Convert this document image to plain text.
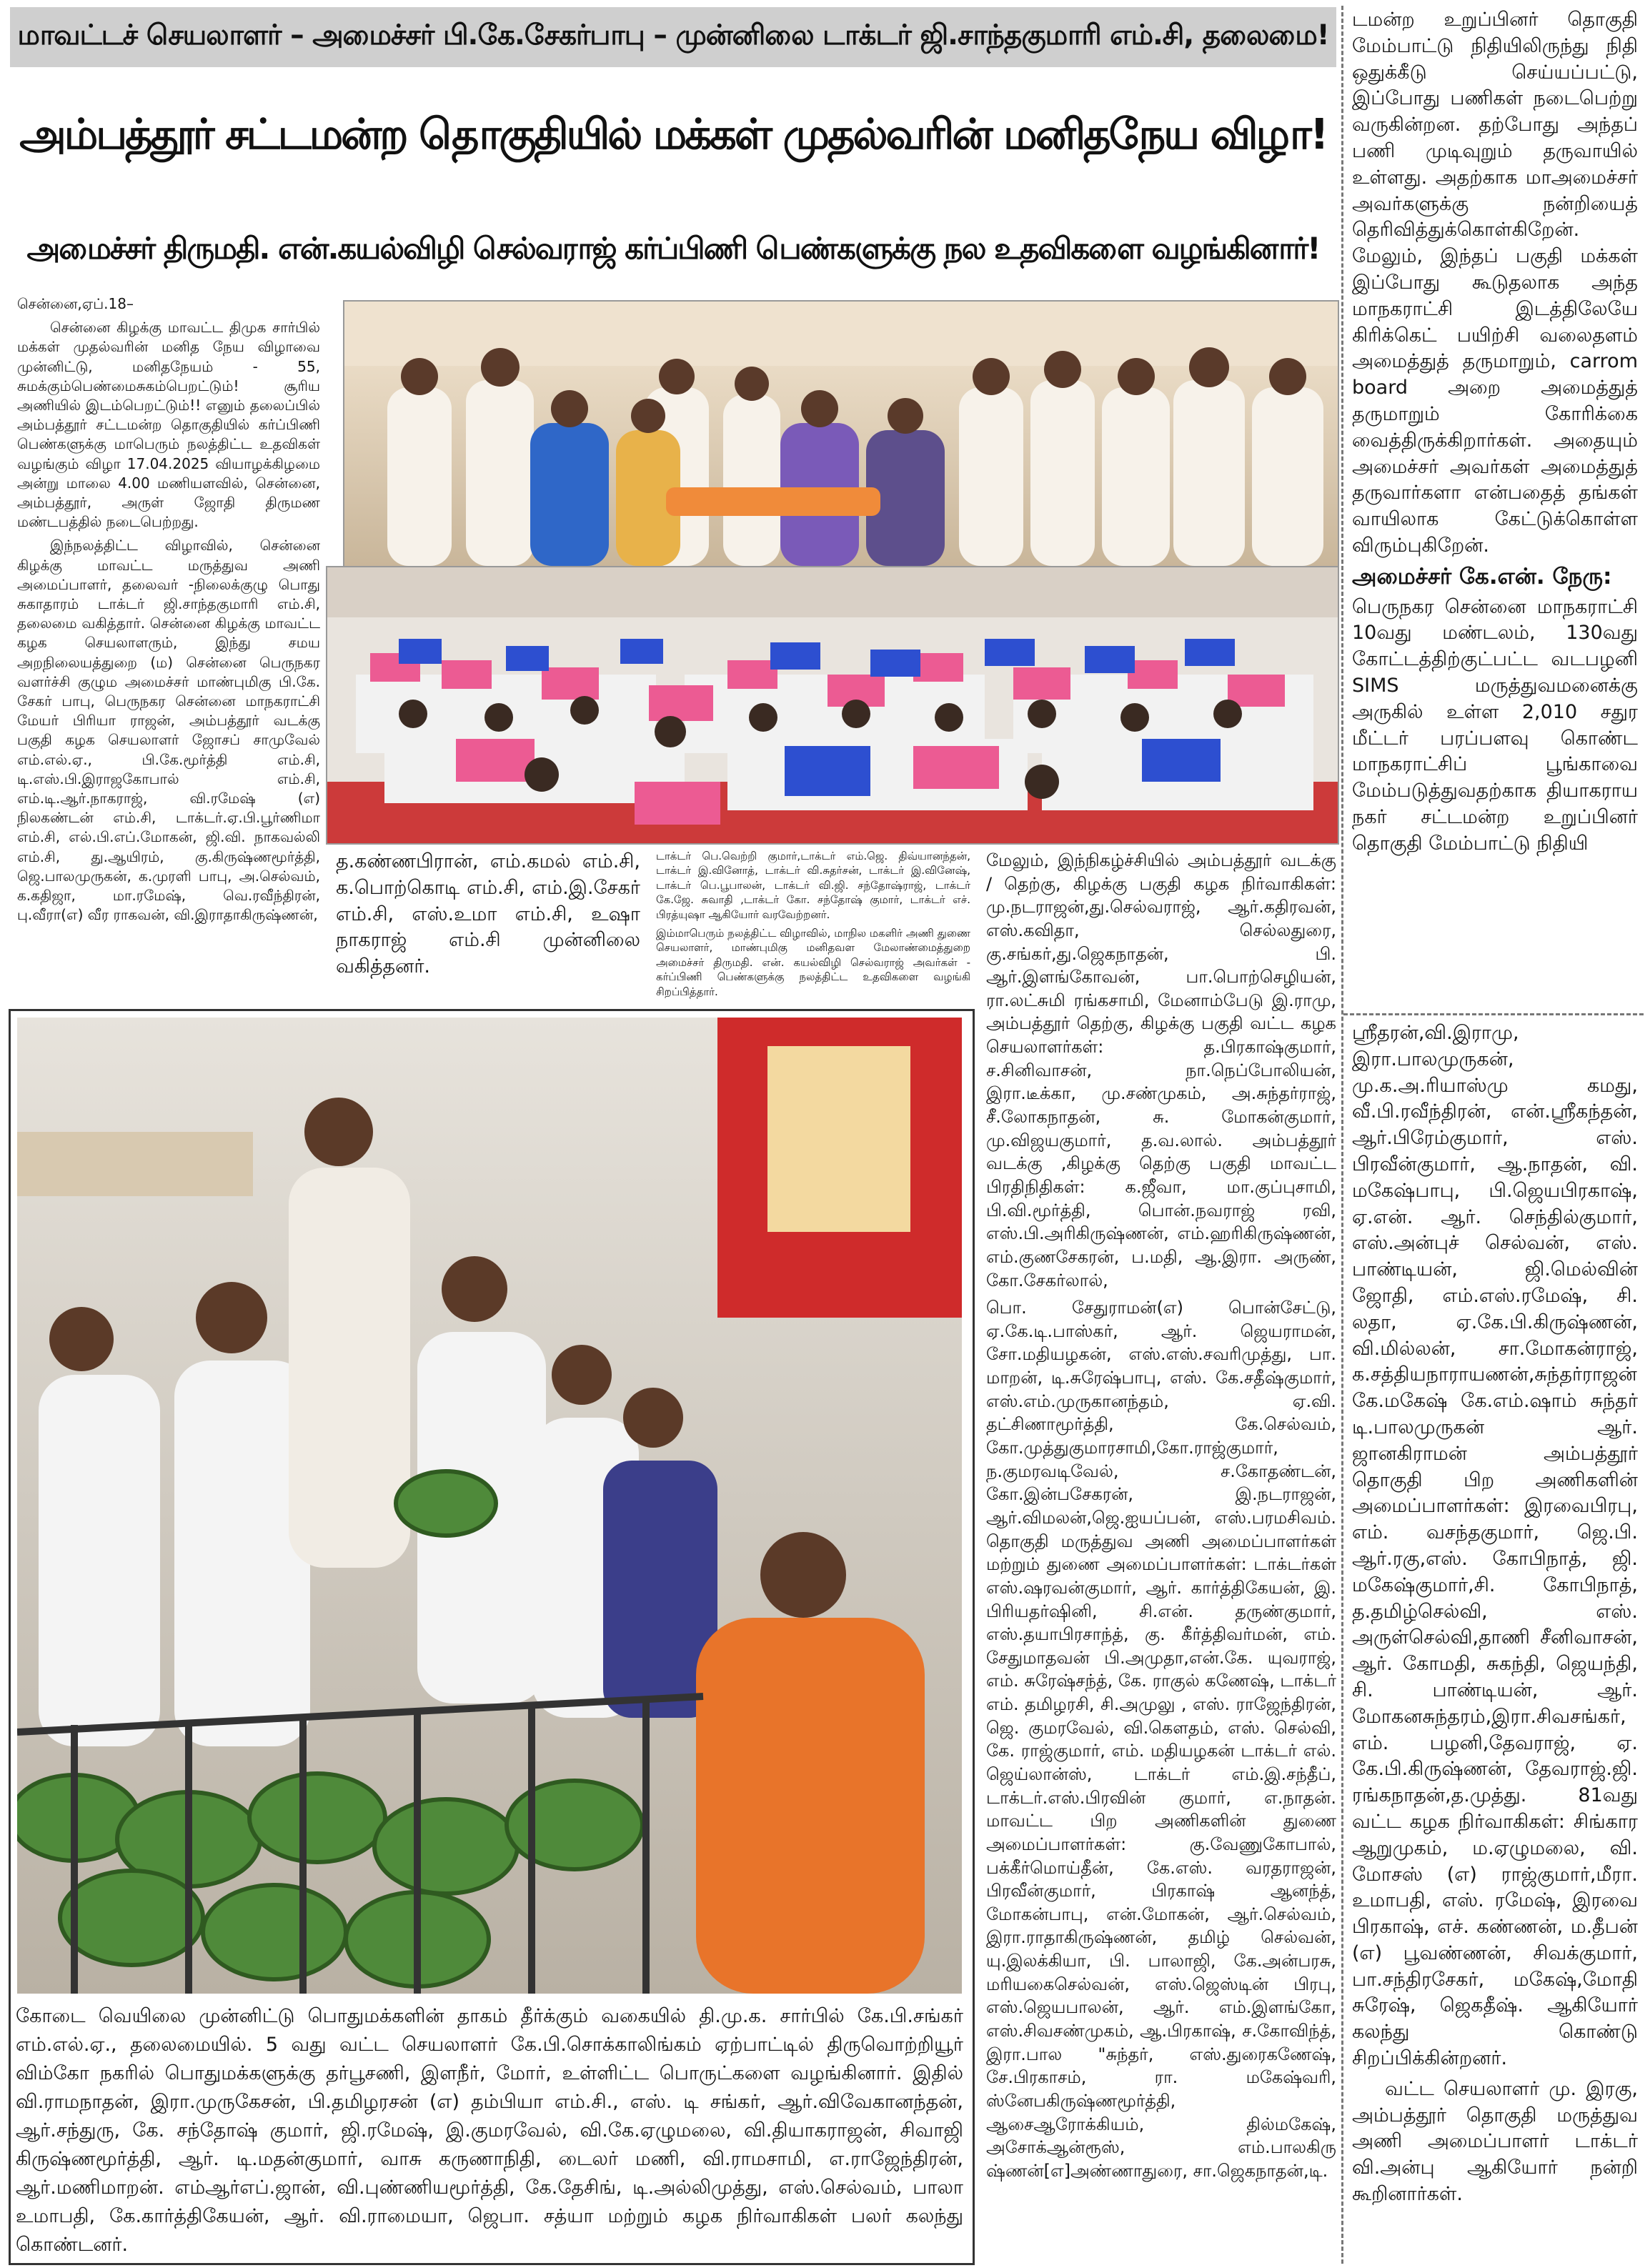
மாவட்டச் செயலாளர் – அமைச்சர் பி.கே.சேகர்பாபு – முன்னிலை டாக்டர் ஜி.சாந்தகுமாரி எம்.சி, தலைமை!
அம்பத்தூர் சட்டமன்ற தொகுதியில் மக்கள் முதல்வரின் மனிதநேய விழா!
அமைச்சர் திருமதி. என்.கயல்விழி செல்வராஜ் கர்ப்பிணி பெண்களுக்கு நல உதவிகளை வழங்கினார்!

சென்னை,ஏப்.18–

சென்னை கிழக்கு மாவட்ட திமுக சார்பில் மக்கள் முதல்வரின் மனித நேய விழாவை முன்னிட்டு, மனிதநேயம் - 55, சுமக்கும்பெண்மைசுகம்பெறட்டும்! சூரிய அணியில் இடம்பெறட்டும்!! எனும் தலைப்பில் அம்பத்தூர் சட்டமன்ற தொகுதியில் கர்ப்பிணி பெண்களுக்கு மாபெரும் நலத்திட்ட உதவிகள் வழங்கும் விழா 17.04.2025 வியாழக்கிழமை அன்று மாலை 4.00 மணியளவில், சென்னை, அம்பத்தூர், அருள் ஜோதி திருமண மண்டபத்தில் நடைபெற்றது.

இந்நலத்திட்ட விழாவில், சென்னை கிழக்கு மாவட்ட மருத்துவ அணி அமைப்பாளர், தலைவர் -நிலைக்குழு பொது சுகாதாரம் டாக்டர் ஜி.சாந்தகுமாரி எம்.சி, தலைமை வகித்தார். சென்னை கிழக்கு மாவட்ட கழக செயலாளரும், இந்து சமய அறநிலையத்துறை (ம) சென்னை பெருநகர வளர்ச்சி குழும அமைச்சர் மாண்புமிகு பி.கே. சேகர் பாபு, பெருநகர சென்னை மாநகராட்சி மேயர் பிரியா ராஜன், அம்பத்தூர் வடக்கு பகுதி கழக செயலாளர் ஜோசப் சாமுவேல் எம்.எல்.ஏ., பி.கே.மூர்த்தி எம்.சி, டி.எஸ்.பி.இராஜகோபால் எம்.சி, எம்.டி.ஆர்.நாகராஜ், வி.ரமேஷ் (எ) நிலகண்டன் எம்.சி, டாக்டர்.ஏ.பி.பூர்ணிமா எம்.சி, எல்.பி.எப்.மோகன், ஜி.வி. நாகவல்லி எம்.சி, து.ஆயிரம், கு.கிருஷ்ணமூர்த்தி, ஜெ.பாலமுருகன், க.முரளி பாபு, அ.செல்வம், க.கதிஜா, மா.ரமேஷ், வெ.ரவீந்திரன், பு.வீரா(எ) வீர ராகவன், வி.இராதாகிருஷ்ணன்,

த.கண்ணபிரான், எம்.கமல் எம்.சி, க.பொற்கொடி எம்.சி, எம்.இ.சேகர் எம்.சி, எஸ்.உமா எம்.சி, உஷா நாகராஜ் எம்.சி முன்னிலை வகித்தனர்.

டாக்டர் பெ.வெற்றி குமார்,டாக்டர் எம்.ஜெ. திவ்யானந்தன், டாக்டர் இ.வினோத், டாக்டர் வி.சுதர்சன், டாக்டர் இ.வினேஷ், டாக்டர் பெ.பூபாலன், டாக்டர் வி.ஜி. சந்தோஷ்ராஜ், டாக்டர் கே.ஜே. சுவாதி ,டாக்டர் கோ. சந்தோஷ் குமார், டாக்டர் எச். பிரத்யுஷா ஆகியோர் வரவேற்றனர்.

இம்மாபெரும் நலத்திட்ட விழாவில், மாநில மகளிர் அணி துணை செயலாளர், மாண்புமிகு மனிதவள மேலாண்மைத்துறை அமைச்சர் திருமதி. என். கயல்விழி செல்வராஜ் அவர்கள் - கர்ப்பிணி பெண்களுக்கு நலத்திட்ட உதவிகளை வழங்கி சிறப்பித்தார்.

மேலும், இந்நிகழ்ச்சியில் அம்பத்தூர் வடக்கு / தெற்கு, கிழக்கு பகுதி கழக நிர்வாகிகள்: மு.நடராஜன்,து.செல்வராஜ், ஆர்.கதிரவன், எஸ்.கவிதா, செல்லதுரை, கு.சங்கர்,து.ஜெகநாதன், பி. ஆர்.இளங்கோவன், பா.பொற்செழியன், ரா.லட்சுமி ரங்கசாமி, மேனாம்பேடு இ.ராமு, அம்பத்தூர் தெற்கு, கிழக்கு பகுதி வட்ட கழக செயலாளர்கள்: த.பிரகாஷ்குமார், ச.சினிவாசன், நா.நெப்போலியன், இரா.டீக்கா, மு.சண்முகம், அ.சுந்தர்ராஜ், சீ.லோகநாதன், சு. மோகன்குமார், மு.விஜயகுமார், த.வ.லால். அம்பத்தூர் வடக்கு ,கிழக்கு தெற்கு பகுதி மாவட்ட பிரதிநிதிகள்: க.ஜீவா, மா.குப்புசாமி, பி.வி.மூர்த்தி, பொன்.நவராஜ் ரவி, எஸ்.பி.அரிகிருஷ்ணன், எம்.ஹரிகிருஷ்ணன், எம்.குணசேகரன், ப.மதி, ஆ.இரா. அருண், கோ.சேகர்லால்,

பொ. சேதுராமன்(எ) பொன்சேட்டு, ஏ.கே.டி.பாஸ்கர், ஆர். ஜெயராமன், சோ.மதியழகன், எஸ்.எஸ்.சவரிமுத்து, பா. மாறன், டி.சுரேஷ்பாபு, எஸ். கே.சதீஷ்குமார், எஸ்.எம்.முருகானந்தம், ஏ.வி. தட்சிணாமூர்த்தி, கே.செல்வம், கோ.முத்துகுமாரசாமி,கோ.ராஜ்குமார், ந.குமரவடிவேல், ச.கோதண்டன், கோ.இன்பசேகரன், இ.நடராஜன், ஆர்.விமலன்,ஜெ.ஐயப்பன், எஸ்.பரமசிவம். தொகுதி மருத்துவ அணி அமைப்பாளர்கள் மற்றும் துணை அமைப்பாளர்கள்: டாக்டர்கள் எஸ்.ஷரவன்குமார், ஆர். கார்த்திகேயன், இ. பிரியதர்ஷினி, சி.என். தருண்குமார், எஸ்.தயாபிரசாந்த், கு. கீர்த்திவர்மன், எம். சேதுமாதவன் பி.அமுதா,என்.கே. யுவராஜ், எம். சுரேஷ்சந்த், கே. ராகுல் கணேஷ், டாக்டர் எம். தமிழரசி, சி.அமுலு , எஸ். ராஜேந்திரன், ஜெ. குமரவேல், வி.கௌதம், எஸ். செல்வி, கே. ராஜ்குமார், எம். மதியழகன் டாக்டர் எல். ஜெய்லான்ஸ், டாக்டர் எம்.இ.சந்தீப், டாக்டர்.எஸ்.பிரவின் குமார், எ.நாதன். மாவட்ட பிற அணிகளின் துணை அமைப்பாளர்கள்: கு.வேணுகோபால், பக்கீர்மொய்தீன், கே.எஸ். வரதராஜன், பிரவீன்குமார், பிரகாஷ் ஆனந்த், மோகன்பாபு, என்.மோகன், ஆர்.செல்வம், இரா.ராதாகிருஷ்ணன், தமிழ் செல்வன், யு.இலக்கியா, பி. பாலாஜி, கே.அன்பரசு, மரியகைசெல்வன், எஸ்.ஜெஸ்டின் பிரபு, எஸ்.ஜெயபாலன், ஆர். எம்.இளங்கோ, எஸ்.சிவசண்முகம், ஆ.பிரகாஷ், ச.கோவிந்த், இரா.பால "சுந்தர், எஸ்.துரைகணேஷ், சே.பிரகாசம், ரா. மகேஷ்வரி, ஸ்னேபகிருஷ்ணமூர்த்தி, ஆசைஆரோக்கியம், தில்மகேஷ், அசோக்ஆன்ரூஸ், எம்.பாலகிரு ஷ்ணன்[எ]அண்ணாதுரை, சா.ஜெகநாதன்,டி.

டமன்ற உறுப்பினர் தொகுதி மேம்பாட்டு நிதியிலிருந்து நிதி ஒதுக்கீடு செய்யப்பட்டு, இப்போது பணிகள் நடைபெற்று வருகின்றன. தற்போது அந்தப் பணி முடிவுறும் தருவாயில் உள்ளது. அதற்காக மாஅமைச்சர் அவர்களுக்கு நன்றியைத் தெரிவித்துக்கொள்கிறேன். மேலும், இந்தப் பகுதி மக்கள் இப்போது கூடுதலாக அந்த மாநகராட்சி இடத்திலேயே கிரிக்கெட் பயிற்சி வலைதளம் அமைத்துத் தருமாறும், carrom board அறை அமைத்துத் தருமாறும் கோரிக்கை வைத்திருக்கிறார்கள். அதையும் அமைச்சர் அவர்கள் அமைத்துத் தருவார்களா என்பதைத் தங்கள் வாயிலாக கேட்டுக்கொள்ள விரும்புகிறேன்.

அமைச்சர் கே.என். நேரு:

பெருநகர சென்னை மாநகராட்சி 10வது மண்டலம், 130வது கோட்டத்திற்குட்பட்ட வடபழனி SIMS மருத்துவமனைக்கு அருகில் உள்ள 2,010 சதுர மீட்டர் பரப்பளவு கொண்ட மாநகராட்சிப் பூங்காவை மேம்படுத்துவதற்காக தியாகராய நகர் சட்டமன்ற உறுப்பினர் தொகுதி மேம்பாட்டு நிதியி

ஸ்ரீதரன்,வி.இராமு, இரா.பாலமுருகன், மு.க.அ.ரியாஸ்மு கமது, வீ.பி.ரவீந்திரன், என்.ஸ்ரீகந்தன், ஆர்.பிரேம்குமார், எஸ். பிரவீன்குமார், ஆ.நாதன், வி. மகேஷ்பாபு, பி.ஜெயபிரகாஷ், ஏ.என். ஆர். செந்தில்குமார், எஸ்.அன்புச் செல்வன், எஸ். பாண்டியன், ஜி.மெல்வின் ஜோதி, எம்.எஸ்.ரமேஷ், சி. லதா, ஏ.கே.பி.கிருஷ்ணன், வி.மில்லன், சா.மோகன்ராஜ், க.சத்தியநாராயணன்,சுந்தர்ராஜன் கே.மகேஷ் கே.எம்.ஷாம் சுந்தர் டி.பாலமுருகன் ஆர். ஜானகிராமன் அம்பத்தூர் தொகுதி பிற அணிகளின் அமைப்பாளர்கள்: இரவைபிரபு, எம். வசந்தகுமார், ஜெ.பி. ஆர்.ரகு,எஸ். கோபிநாத், ஜி. மகேஷ்குமார்,சி. கோபிநாத், த.தமிழ்செல்வி, எஸ். அருள்செல்வி,தாணி சீனிவாசன், ஆர். கோமதி, சுகந்தி, ஜெயந்தி, சி. பாண்டியன், ஆர். மோகனசுந்தரம்,இரா.சிவசங்கர், எம். பழனி,தேவராஜ், ஏ. கே.பி.கிருஷ்ணன், தேவராஜ்.ஜி. ரங்கநாதன்,த.முத்து. 81வது வட்ட கழக நிர்வாகிகள்: சிங்கார ஆறுமுகம், ம.ஏழுமலை, வி. மோசஸ் (எ) ராஜ்குமார்,மீரா. உமாபதி, எஸ். ரமேஷ், இரவை பிரகாஷ், எச். கண்ணன், ம.தீபன் (எ) பூவண்ணன், சிவக்குமார், பா.சந்திரசேகர், மகேஷ்,மோதி சுரேஷ், ஜெகதீஷ். ஆகியோர் கலந்து கொண்டு சிறப்பிக்கின்றனர்.

வட்ட செயலாளர் மு. இரகு, அம்பத்தூர் தொகுதி மருத்துவ அணி அமைப்பாளர் டாக்டர் வி.அன்பு ஆகியோர் நன்றி கூறினார்கள்.

கோடை வெயிலை முன்னிட்டு பொதுமக்களின் தாகம் தீர்க்கும் வகையில் தி.மு.க. சார்பில் கே.பி.சங்கர் எம்.எல்.ஏ., தலைமையில். 5 வது வட்ட செயலாளர் கே.பி.சொக்காலிங்கம் ஏற்பாட்டில் திருவொற்றியூர் விம்கோ நகரில் பொதுமக்களுக்கு தர்பூசணி, இளநீர், மோர், உள்ளிட்ட பொருட்களை வழங்கினார். இதில் வி.ராமநாதன், இரா.முருகேசன், பி.தமிழரசன் (எ) தம்பியா எம்.சி., எஸ். டி சங்கர், ஆர்.விவேகானந்தன், ஆர்.சந்துரு, கே. சந்தோஷ் குமார், ஜி.ரமேஷ், இ.குமரவேல், வி.கே.ஏழுமலை, வி.தியாகராஜன், சிவாஜி கிருஷ்ணமூர்த்தி, ஆர். டி.மதன்குமார், வாசு கருணாநிதி, டைலர் மணி, வி.ராமசாமி, எ.ராஜேந்திரன், ஆர்.மணிமாறன். எம்ஆர்எப்.ஜான், வி.புண்ணியமூர்த்தி, கே.தேசிங், டி.அல்லிமுத்து, எஸ்.செல்வம், பாலா உமாபதி, கே.கார்த்திகேயன், ஆர். வி.ராமையா, ஜெபா. சத்யா மற்றும் கழக நிர்வாகிகள் பலர் கலந்து கொண்டனர்.
